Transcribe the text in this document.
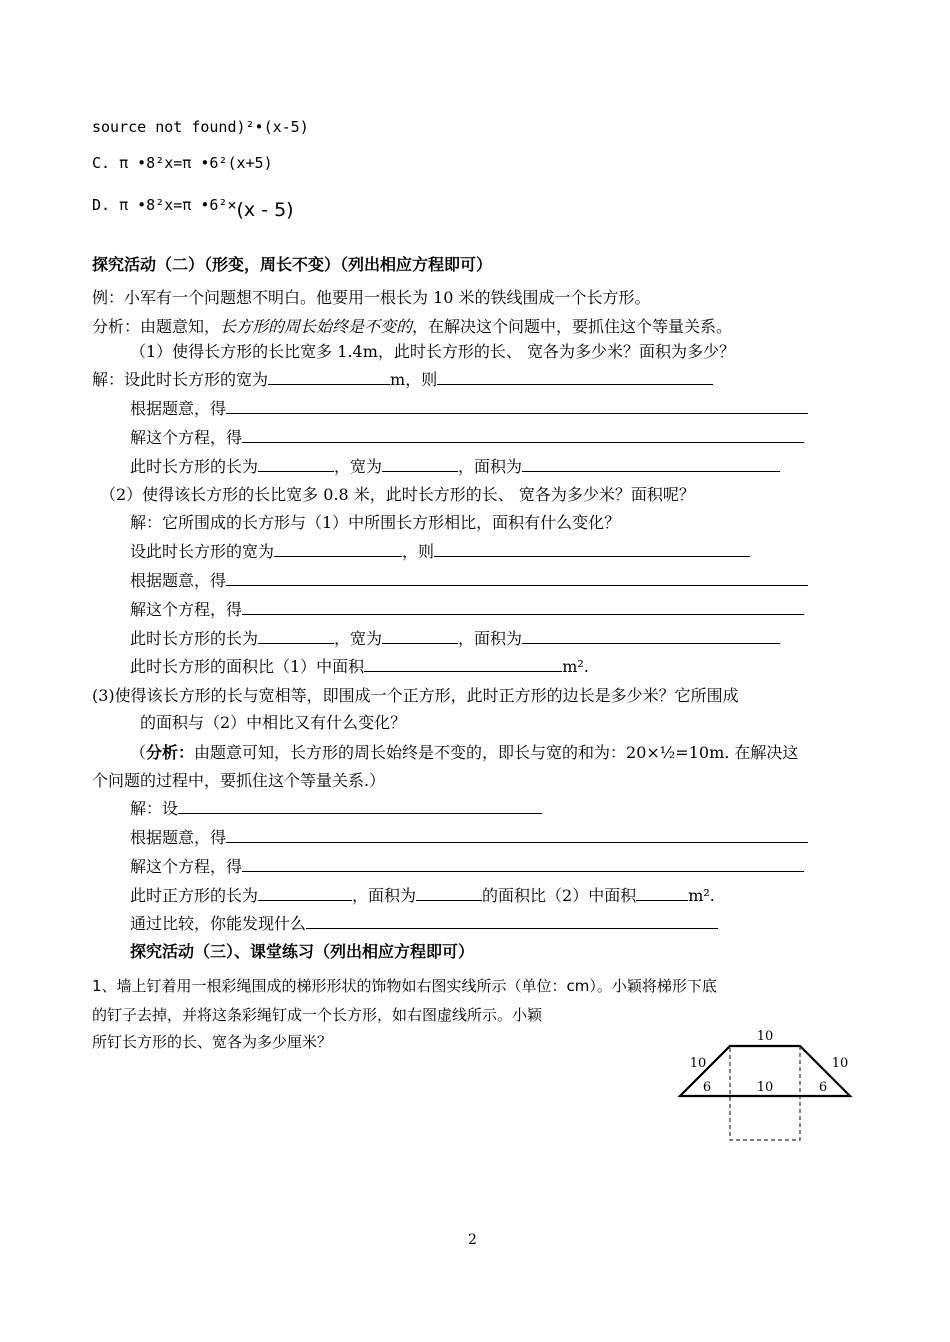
source not found)²•(x-5)
C. π •8²x=π •6²(x+5)
D. π •8²x=π •6²×(x - 5)
探究活动（二）（形变，周长不变）（列出相应方程即可）
例：小军有一个问题想不明白。他要用一根长为 10 米的铁线围成一个长方形。
分析：由题意知，长方形的周长始终是不变的，在解决这个问题中，要抓住这个等量关系。
（1）使得长方形的长比宽多 1.4m，此时长方形的长、 宽各为多少米？面积为多少？
解：设此时长方形的宽为	m，则
根据题意，得
解这个方程，得
此时长方形的长为	，宽为	，面积为
（2）使得该长方形的长比宽多 0.8 米，此时长方形的长、 宽各为多少米？面积呢？
解：它所围成的长方形与（1）中所围长方形相比，面积有什么变化？
设此时长方形的宽为	，则
根据题意，得
解这个方程，得
此时长方形的长为	，宽为	，面积为
此时长方形的面积比（1）中面积	m².
(3)使得该长方形的长与宽相等，即围成一个正方形，此时正方形的边长是多少米？它所围成
的面积与（2）中相比又有什么变化？
（分析：由题意可知，长方形的周长始终是不变的，即长与宽的和为：20×½=10m. 在解决这
个问题的过程中，要抓住这个等量关系.）
解：设
根据题意，得
解这个方程，得
此时正方形的长为	，面积为	的面积比（2）中面积	m².
通过比较，你能发现什么
探究活动（三）、课堂练习（列出相应方程即可）
1、墙上钉着用一根彩绳围成的梯形形状的饰物如右图实线所示（单位：cm）。小颖将梯形下底
的钉子去掉，并将这条彩绳钉成一个长方形，如右图虚线所示。小颖
所钉长方形的长、宽各为多少厘米？	10
10	10
6	10	6
2
